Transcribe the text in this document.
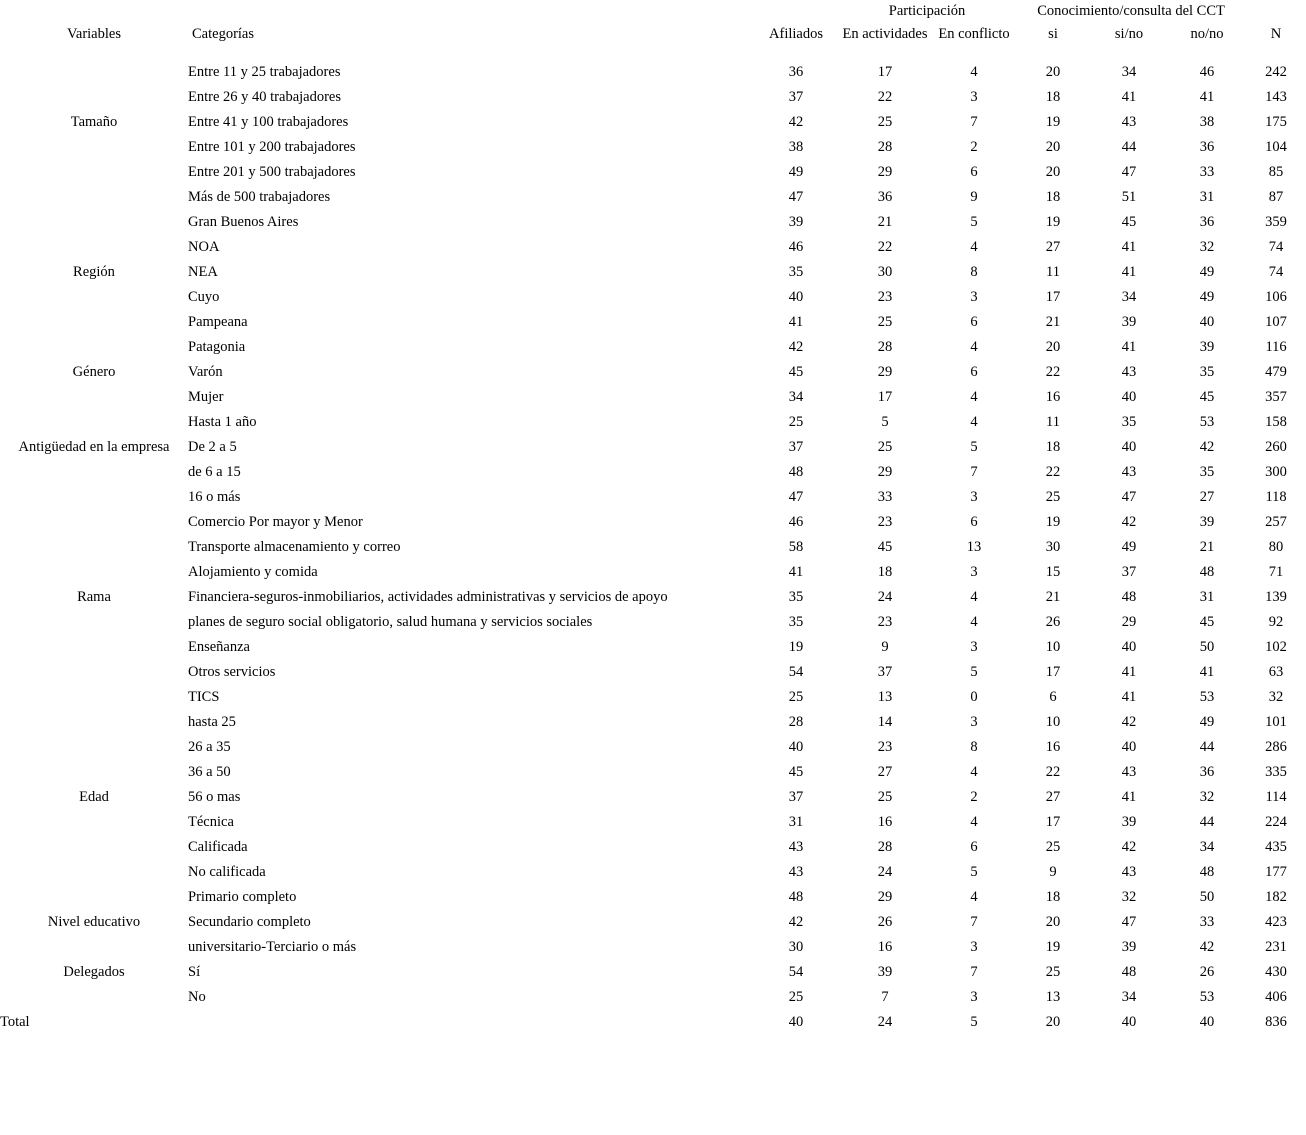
			Participación		Conocimiento/consulta del CCT			
Variables	Categorías	Afiliados	En actividades	En conflicto	si	si/no	no/no	N

	Entre 11 y 25 trabajadores	36	17	4	20	34	46	242
	Entre 26 y 40 trabajadores	37	22	3	18	41	41	143
Tamaño	Entre 41 y 100 trabajadores	42	25	7	19	43	38	175
	Entre 101 y 200 trabajadores	38	28	2	20	44	36	104
	Entre 201 y 500 trabajadores	49	29	6	20	47	33	85
	Más de 500 trabajadores	47	36	9	18	51	31	87
	Gran Buenos Aires	39	21	5	19	45	36	359
	NOA	46	22	4	27	41	32	74
Región	NEA	35	30	8	11	41	49	74
	Cuyo	40	23	3	17	34	49	106
	Pampeana	41	25	6	21	39	40	107
	Patagonia	42	28	4	20	41	39	116
Género	Varón	45	29	6	22	43	35	479
	Mujer	34	17	4	16	40	45	357
	Hasta 1 año	25	5	4	11	35	53	158
Antigüedad en la empresa	De 2 a 5	37	25	5	18	40	42	260
	de 6 a 15	48	29	7	22	43	35	300
	16 o más	47	33	3	25	47	27	118
	Comercio Por mayor y Menor	46	23	6	19	42	39	257
	Transporte almacenamiento y correo	58	45	13	30	49	21	80
	Alojamiento y comida	41	18	3	15	37	48	71
Rama	Financiera-seguros-inmobiliarios, actividades administrativas y servicios de apoyo	35	24	4	21	48	31	139
	planes de seguro social obligatorio, salud humana y servicios sociales	35	23	4	26	29	45	92
	Enseñanza	19	9	3	10	40	50	102
	Otros servicios	54	37	5	17	41	41	63
	TICS	25	13	0	6	41	53	32
	hasta 25	28	14	3	10	42	49	101
	26 a 35	40	23	8	16	40	44	286
	36 a 50	45	27	4	22	43	36	335
Edad	56 o mas	37	25	2	27	41	32	114
	Técnica	31	16	4	17	39	44	224
	Calificada	43	28	6	25	42	34	435
	No calificada	43	24	5	9	43	48	177
	Primario completo	48	29	4	18	32	50	182
Nivel educativo	Secundario completo	42	26	7	20	47	33	423
	universitario-Terciario o más	30	16	3	19	39	42	231
Delegados	Sí	54	39	7	25	48	26	430
	No	25	7	3	13	34	53	406
Total		40	24	5	20	40	40	836
